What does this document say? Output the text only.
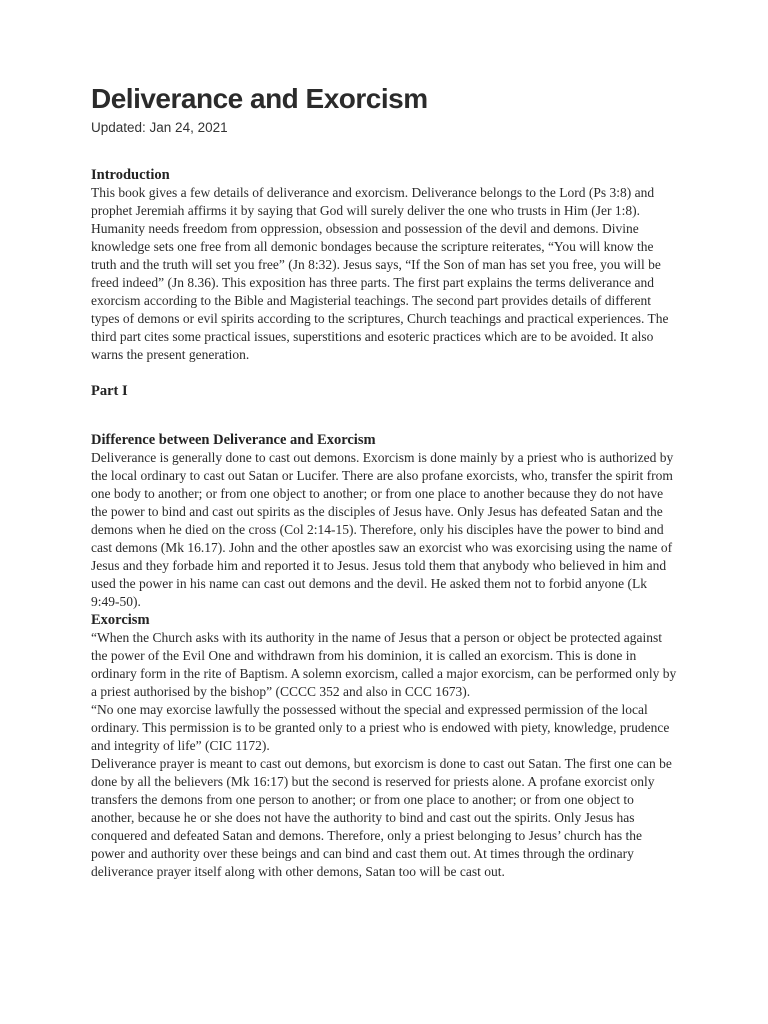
Deliverance and Exorcism
Updated: Jan 24, 2021
Introduction

This book gives a few details of deliverance and exorcism. Deliverance belongs to the Lord (Ps 3:8) and prophet Jeremiah affirms it by saying that God will surely deliver the one who trusts in Him (Jer 1:8). Humanity needs freedom from oppression, obsession and possession of the devil and demons. Divine knowledge sets one free from all demonic bondages because the scripture reiterates, “You will know the truth and the truth will set you free” (Jn 8:32). Jesus says, “If the Son of man has set you free, you will be freed indeed” (Jn 8.36). This exposition has three parts. The first part explains the terms deliverance and exorcism according to the Bible and Magisterial teachings. The second part provides details of different types of demons or evil spirits according to the scriptures, Church teachings and practical experiences. The third part cites some practical issues, superstitions and esoteric practices which are to be avoided. It also warns the present generation.

Part I
Difference between Deliverance and Exorcism

Deliverance is generally done to cast out demons. Exorcism is done mainly by a priest who is authorized by the local ordinary to cast out Satan or Lucifer. There are also profane exorcists, who, transfer the spirit from one body to another; or from one object to another; or from one place to another because they do not have the power to bind and cast out spirits as the disciples of Jesus have. Only Jesus has defeated Satan and the demons when he died on the cross (Col 2:14-15). Therefore, only his disciples have the power to bind and cast demons (Mk 16.17). John and the other apostles saw an exorcist who was exorcising using the name of Jesus and they forbade him and reported it to Jesus. Jesus told them that anybody who believed in him and used the power in his name can cast out demons and the devil. He asked them not to forbid anyone (Lk 9:49-50).

Exorcism

“When the Church asks with its authority in the name of Jesus that a person or object be protected against the power of the Evil One and withdrawn from his dominion, it is called an exorcism. This is done in ordinary form in the rite of Baptism. A solemn exorcism, called a major exorcism, can be performed only by a priest authorised by the bishop” (CCCC 352 and also in CCC 1673).

“No one may exorcise lawfully the possessed without the special and expressed permission of the local ordinary. This permission is to be granted only to a priest who is endowed with piety, knowledge, prudence and integrity of life” (CIC 1172).

Deliverance prayer is meant to cast out demons, but exorcism is done to cast out Satan. The first one can be done by all the believers (Mk 16:17) but the second is reserved for priests alone. A profane exorcist only transfers the demons from one person to another; or from one place to another; or from one object to another, because he or she does not have the authority to bind and cast out the spirits. Only Jesus has conquered and defeated Satan and demons. Therefore, only a priest belonging to Jesus’ church has the power and authority over these beings and can bind and cast them out. At times through the ordinary deliverance prayer itself along with other demons, Satan too will be cast out.
